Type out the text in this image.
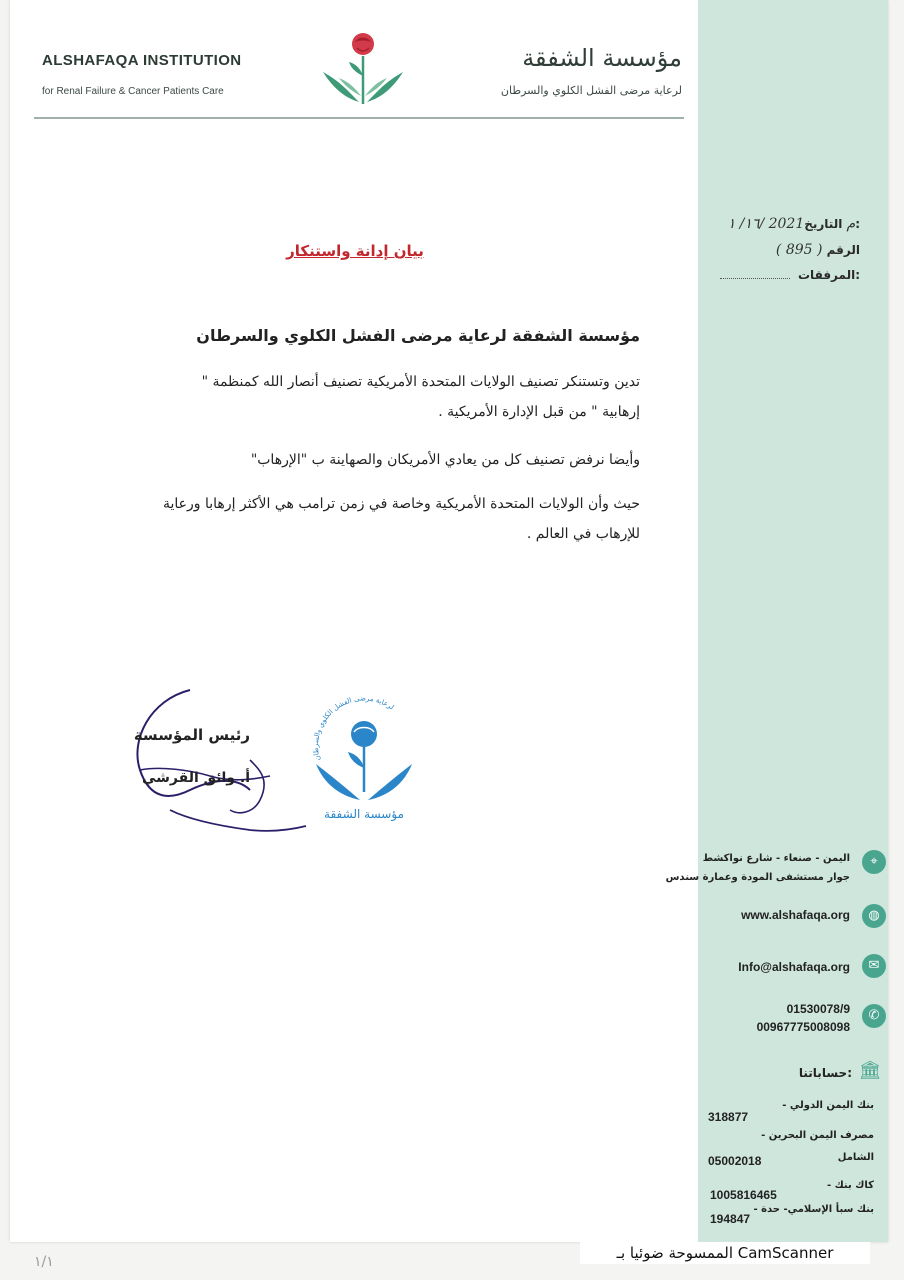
ALSHAFAQA INSTITUTION
for Renal Failure & Cancer Patients Care
مؤسسة الشفقة
لرعاية مرضى الفشل الكلوي والسرطان
١٦/ ١/ 2021م التاريخ:
( 895 ) الرقم
المرفقات:
بيان إدانة واستنكار
مؤسسة الشفقة لرعاية مرضى الفشل الكلوي والسرطان
تدين وتستنكر تصنيف الولايات المتحدة الأمريكية تصنيف أنصار الله كمنظمة "
إرهابية " من قبل الإدارة الأمريكية .
وأيضا نرفض تصنيف كل من يعادي الأمريكان والصهاينة ب "الإرهاب"
حيث وأن الولايات المتحدة الأمريكية وخاصة في زمن ترامب هي الأكثر إرهابا ورعاية
للإرهاب في العالم .
رئيس المؤسسة
أ. وائق القرشي
لرعاية مرضى الفشل الكلوي والسرطان
مؤسسة الشفقة
اليمن - صنعاء - شارع نواكشط
جوار مستشفى المودة وعمارة سندس
⌖
www.alshafaqa.org	◍
Info@alshafaqa.org	✉
01530078/9
00967775008098
✆
حساباتنا: 🏛
- بنك اليمن الدولي
318877
- مصرف اليمن البحرين
الشامل
05002018
- كاك بنك
1005816465
- بنك سبأ الإسلامي- حدة
194847
الممسوحة ضوئيا بـ CamScanner
١/١
